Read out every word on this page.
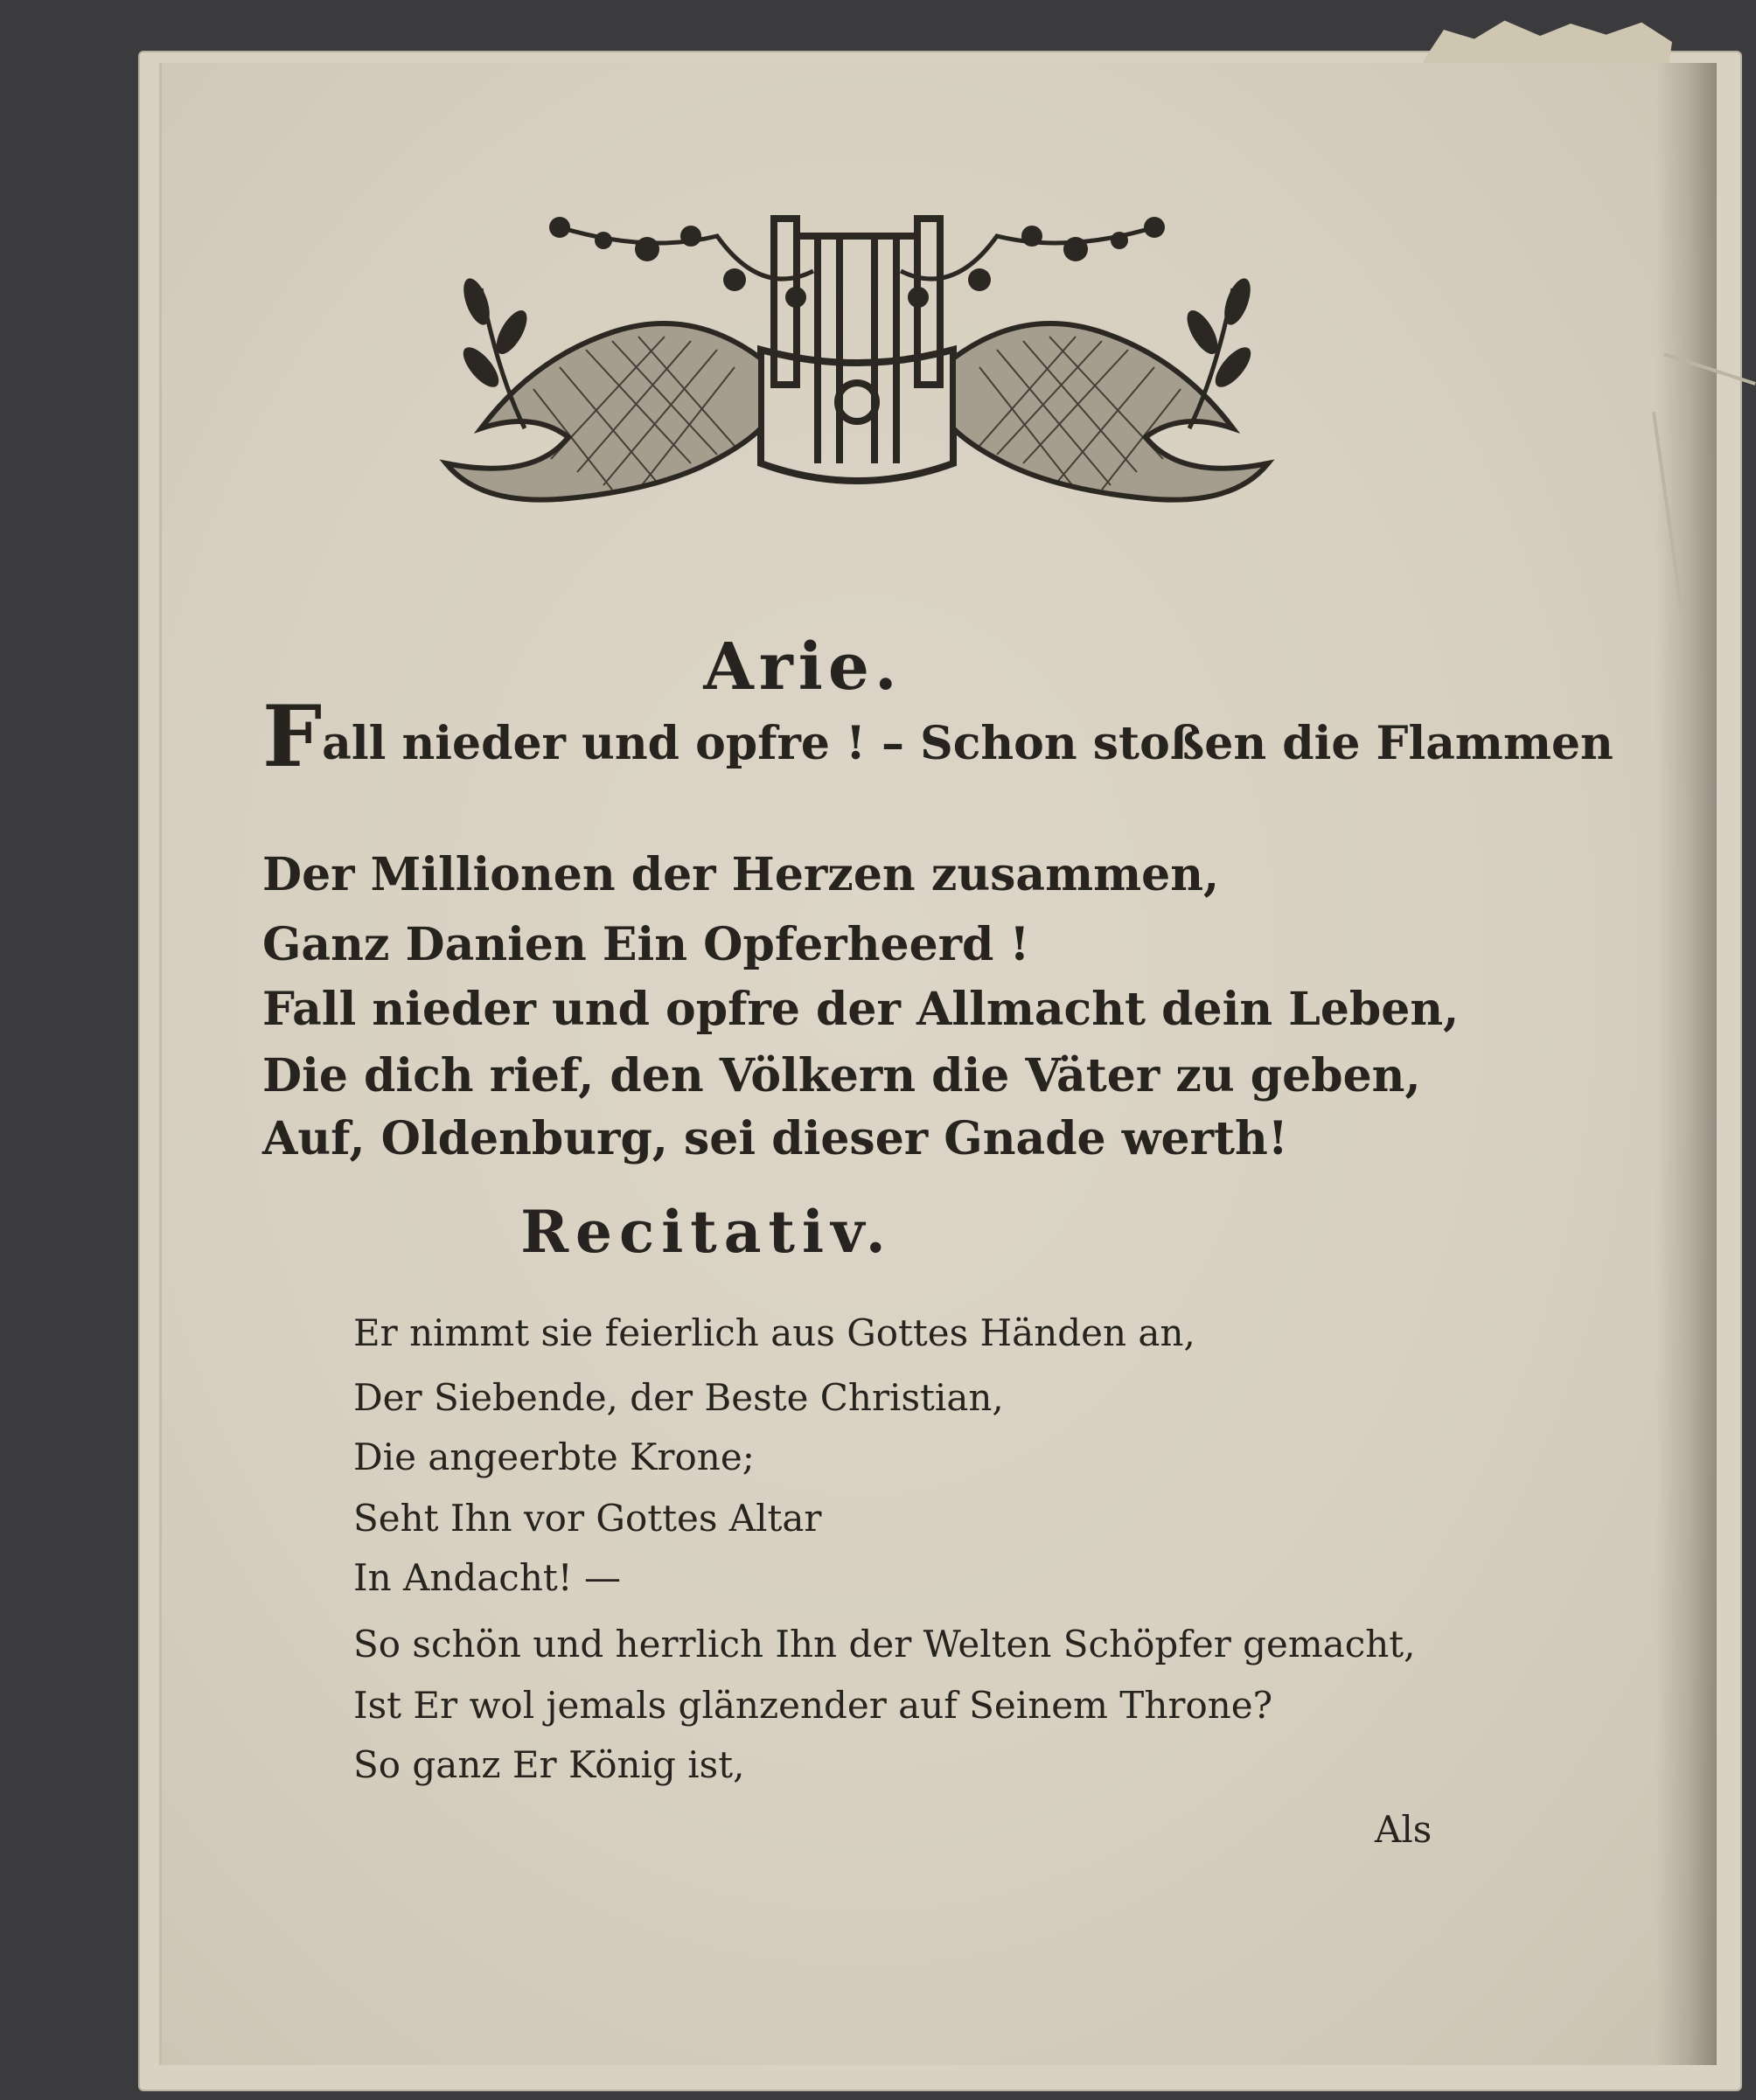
Arie.
Fall nieder und opfre ! – Schon stoßen die Flammen
Der Millionen der Herzen zusammen,
Ganz Danien Ein Opferheerd !
Fall nieder und opfre der Allmacht dein Leben,
Die dich rief, den Völkern die Väter zu geben,
Auf, Oldenburg, sei dieser Gnade werth!
Recitativ.
Er nimmt sie feierlich aus Gottes Händen an,
Der Siebende, der Beste Christian,
Die angeerbte Krone;
Seht Ihn vor Gottes Altar
In Andacht! —
So schön und herrlich Ihn der Welten Schöpfer gemacht,
Ist Er wol jemals glänzender auf Seinem Throne?
So ganz Er König ist,
Als
